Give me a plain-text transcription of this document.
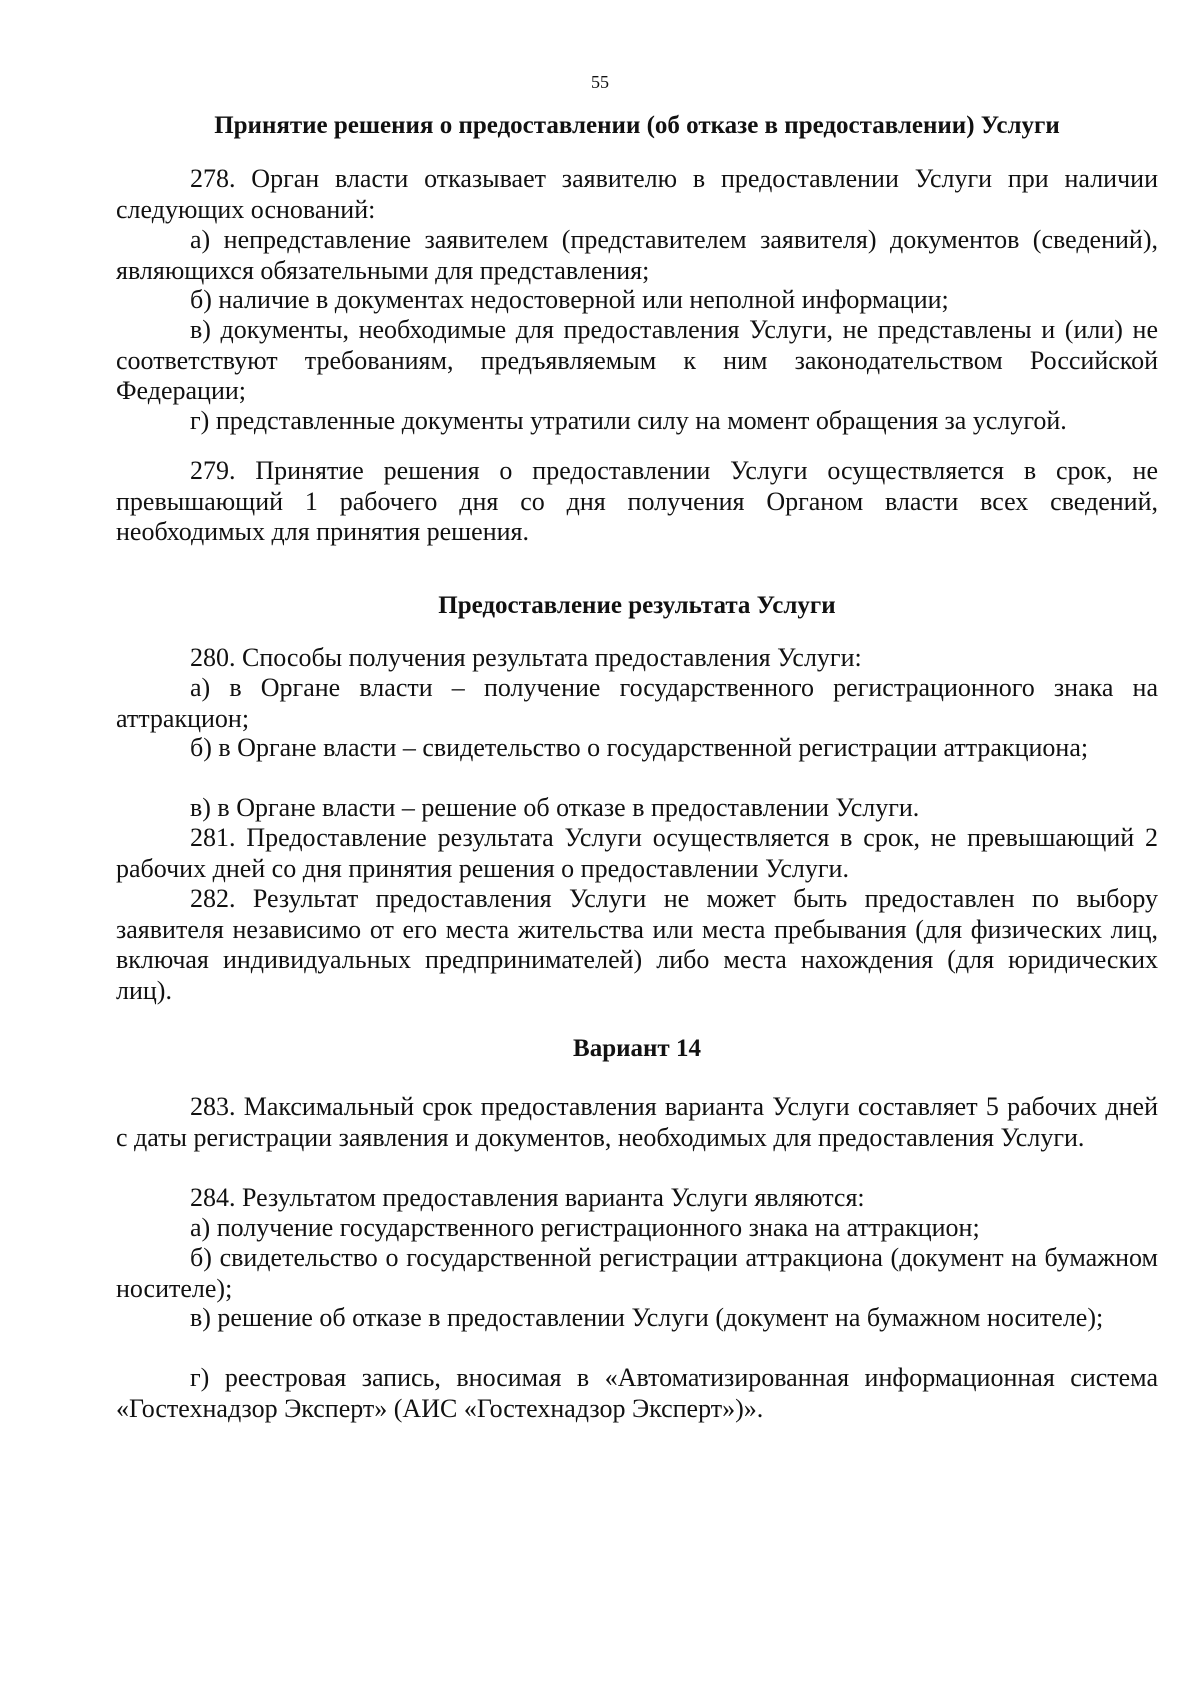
55
Принятие решения о предоставлении (об отказе в предоставлении) Услуги
278. Орган власти отказывает заявителю в предоставлении Услуги при наличии следующих оснований:
а) непредставление заявителем (представителем заявителя) документов (сведений), являющихся обязательными для представления;
б) наличие в документах недостоверной или неполной информации;
в) документы, необходимые для предоставления Услуги, не представлены и (или) не соответствуют требованиям, предъявляемым к ним законодательством Российской Федерации;
г) представленные документы утратили силу на момент обращения за услугой.
279. Принятие решения о предоставлении Услуги осуществляется в срок, не превышающий 1 рабочего дня со дня получения Органом власти всех сведений, необходимых для принятия решения.
Предоставление результата Услуги
280. Способы получения результата предоставления Услуги:
а) в Органе власти – получение государственного регистрационного знака на аттракцион;
б) в Органе власти – свидетельство о государственной регистрации аттракциона;
в) в Органе власти – решение об отказе в предоставлении Услуги.
281. Предоставление результата Услуги осуществляется в срок, не превышающий 2 рабочих дней со дня принятия решения о предоставлении Услуги.
282. Результат предоставления Услуги не может быть предоставлен по выбору заявителя независимо от его места жительства или места пребывания (для физических лиц, включая индивидуальных предпринимателей) либо места нахождения (для юридических лиц).
Вариант 14
283. Максимальный срок предоставления варианта Услуги составляет 5 рабочих дней с даты регистрации заявления и документов, необходимых для предоставления Услуги.
284. Результатом предоставления варианта Услуги являются:
а) получение государственного регистрационного знака на аттракцион;
б) свидетельство о государственной регистрации аттракциона (документ на бумажном носителе);
в) решение об отказе в предоставлении Услуги (документ на бумажном носителе);
г) реестровая запись, вносимая в «Автоматизированная информационная система «Гостехнадзор Эксперт» (АИС «Гостехнадзор Эксперт»)».
